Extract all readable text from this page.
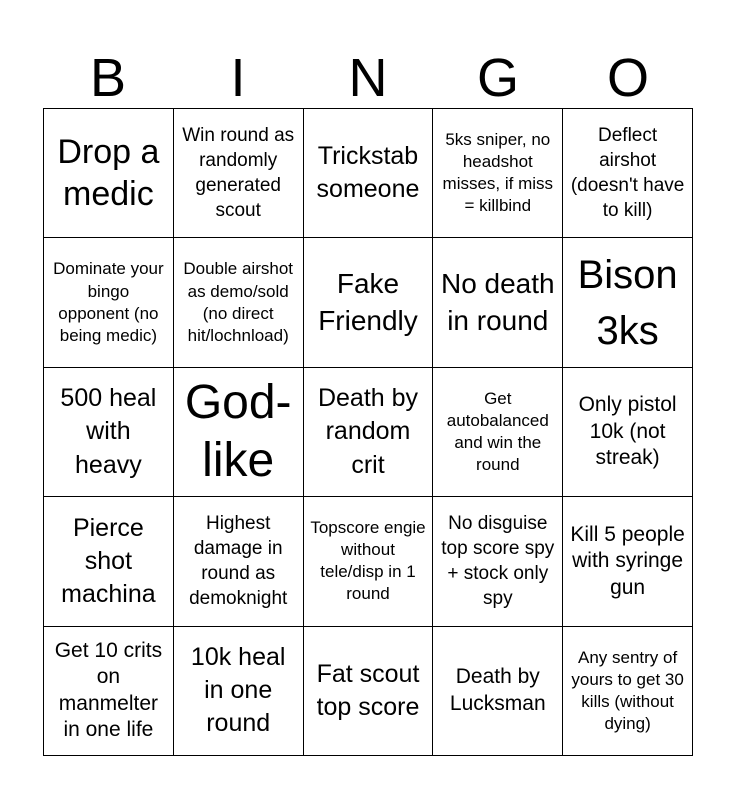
B	I	N	G	O
Drop a medic
Win round as randomly generated scout
Trickstab someone
5ks sniper, no headshot misses, if miss = killbind
Deflect airshot (doesn't have to kill)
Dominate your bingo opponent (no being medic)
Double airshot as demo/sold (no direct hit/lochnload)
Fake Friendly
No death in round
Bison 3ks
500 heal with heavy
God-like
Death by random crit
Get autobalanced and win the round
Only pistol 10k (not streak)
Pierce shot machina
Highest damage in round as demoknight
Topscore engie without tele/disp in 1 round
No disguise top score spy + stock only spy
Kill 5 people with syringe gun
Get 10 crits on manmelter in one life
10k heal in one round
Fat scout top score
Death by Lucksman
Any sentry of yours to get 30 kills (without dying)
